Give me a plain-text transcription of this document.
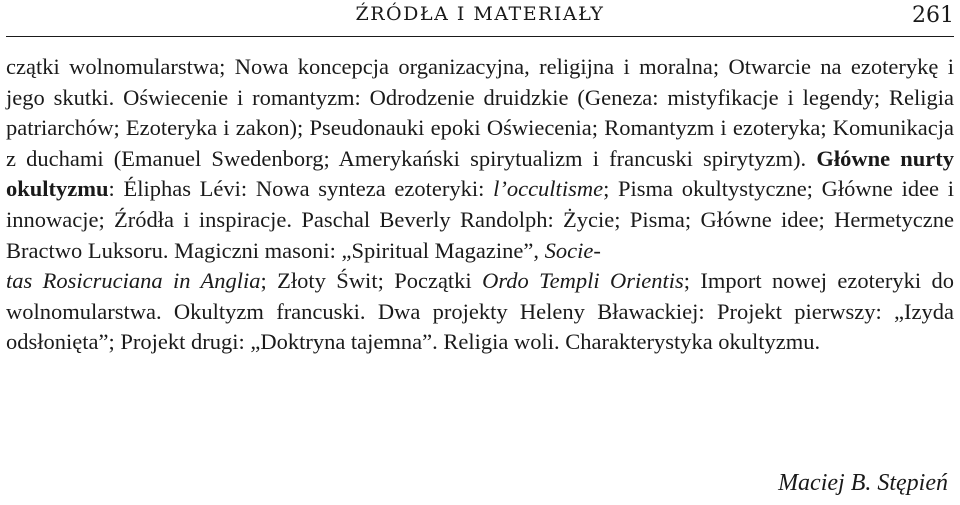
ŹRÓDŁA I MATERIAŁY	261

czątki wolnomularstwa; Nowa koncepcja organizacyjna, religijna i moralna; Otwarcie na ezoterykę i jego skutki. Oświecenie i romantyzm: Odrodzenie druidzkie (Geneza: mistyfikacje i legendy; Religia patriarchów; Ezoteryka i zakon); Pseudonauki epoki Oświecenia; Romantyzm i ezoteryka; Komunikacja z duchami (Emanuel Swedenborg; Amerykański spirytualizm i francuski spirytyzm). Główne nurty okultyzmu: Éliphas Lévi: Nowa synteza ezoteryki: l’occultisme; Pisma okultystyczne; Główne idee i innowacje; Źródła i inspiracje. Paschal Beverly Randolph: Życie; Pisma; Główne idee; Hermetyczne Bractwo Luksoru. Magiczni masoni: „Spiritual Magazine”, Socie-
tas Rosicruciana in Anglia; Złoty Świt; Początki Ordo Templi Orientis; Import nowej ezoteryki do wolnomularstwa. Okultyzm francuski. Dwa projekty Heleny Bławackiej: Projekt pierwszy: „Izyda odsłonięta”; Projekt drugi: „Doktryna tajemna”. Religia woli. Charakterystyka okultyzmu.

Maciej B. Stępień
